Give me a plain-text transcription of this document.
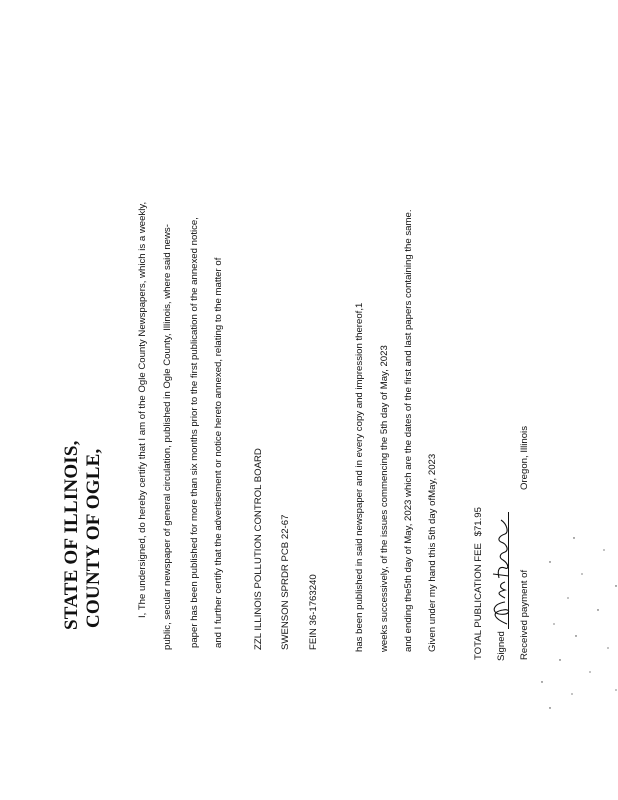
STATE OF ILLINOIS, COUNTY OF OGLE,	I, The undersigned, do hereby certify that I am of the Ogle County Newspapers, which is a weekly, public, secular newspaper of general circulation, published in Ogle County, Illinois, where said news- paper has been published for more than six months prior to the first publication of the annexed notice, and I further certify that the advertisement or notice hereto annexed, relating to the matter of	ZZL ILLINOIS POLLUTION CONTROL BOARD SWENSON SPRDR PCB 22-67 FEIN 36-1763240	has been published in said newspaper and in every copy and impression thereof,1 weeks successively, of the issues commencing the 5th day of May, 2023 and ending the5th day of May, 2023 which are the dates of the first and last papers containing the same. Given under my hand this 5th day ofMay, 2023	TOTAL PUBLICATION FEE $71.95
Signed Received payment of
Oregon, Illinois
